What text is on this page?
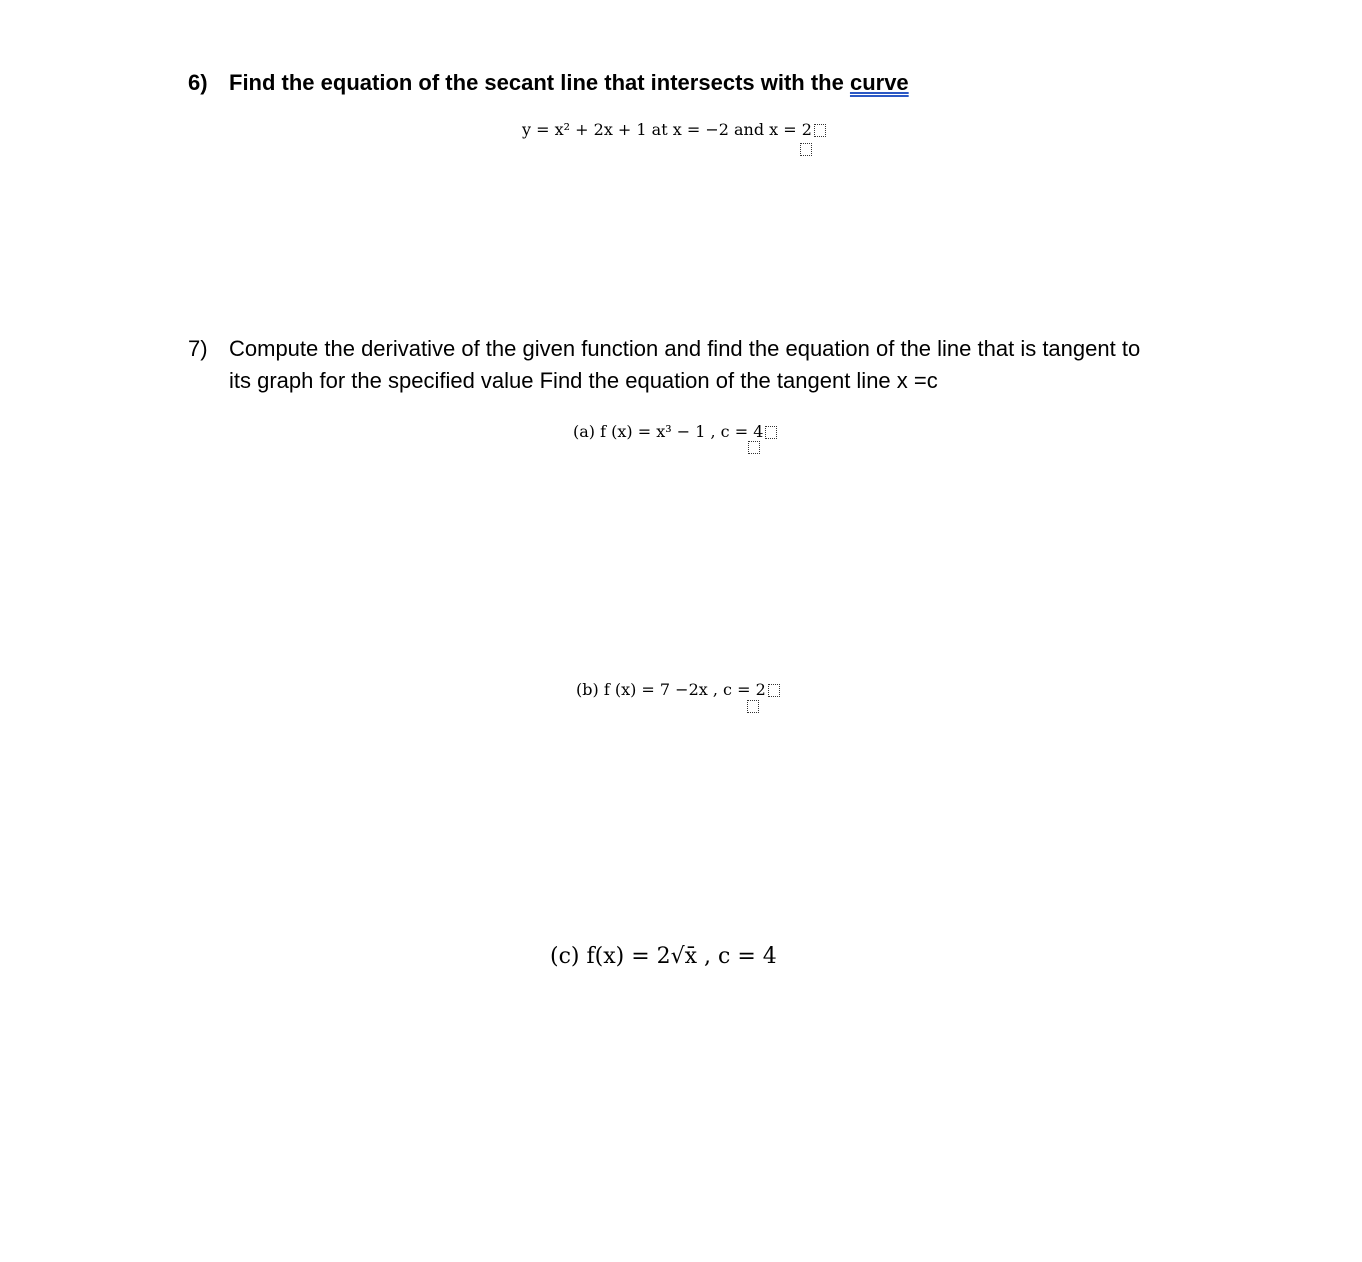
6) Find the equation of the secant line that intersects with the curve
y = x² + 2x + 1 at x = −2 and x = 2
7) Compute the derivative of the given function and find the equation of the line that is tangent to
its graph for the specified value Find the equation of the tangent line x =c
(a) f (x) = x³ − 1 , c = 4
(b) f (x) = 7 −2x , c = 2
(c) f(x) = 2√x̄ , c = 4
